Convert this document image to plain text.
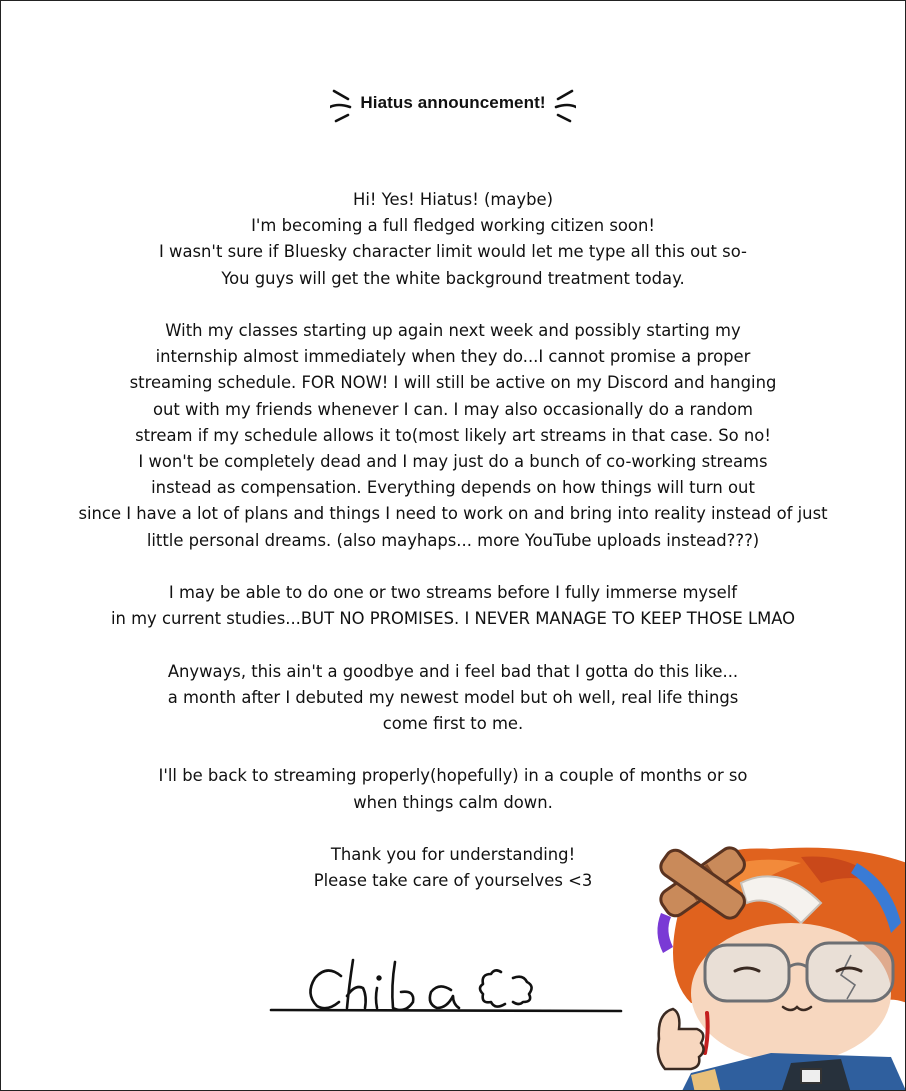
Hiatus announcement!
Hi! Yes! Hiatus! (maybe)
I'm becoming a full fledged working citizen soon!
I wasn't sure if Bluesky character limit would let me type all this out so-
You guys will get the white background treatment today.
With my classes starting up again next week and possibly starting my
internship almost immediately when they do...I cannot promise a proper
streaming schedule. FOR NOW! I will still be active on my Discord and hanging
out with my friends whenever I can. I may also occasionally do a random
stream if my schedule allows it to(most likely art streams in that case. So no!
I won't be completely dead and I may just do a bunch of co-working streams
instead as compensation. Everything depends on how things will turn out
since I have a lot of plans and things I need to work on and bring into reality instead of just
little personal dreams. (also mayhaps... more YouTube uploads instead???)
I may be able to do one or two streams before I fully immerse myself
in my current studies...BUT NO PROMISES. I NEVER MANAGE TO KEEP THOSE LMAO
Anyways, this ain't a goodbye and i feel bad that I gotta do this like...
a month after I debuted my newest model but oh well, real life things
come first to me.
I'll be back to streaming properly(hopefully) in a couple of months or so
when things calm down.
Thank you for understanding!
Please take care of yourselves <3
